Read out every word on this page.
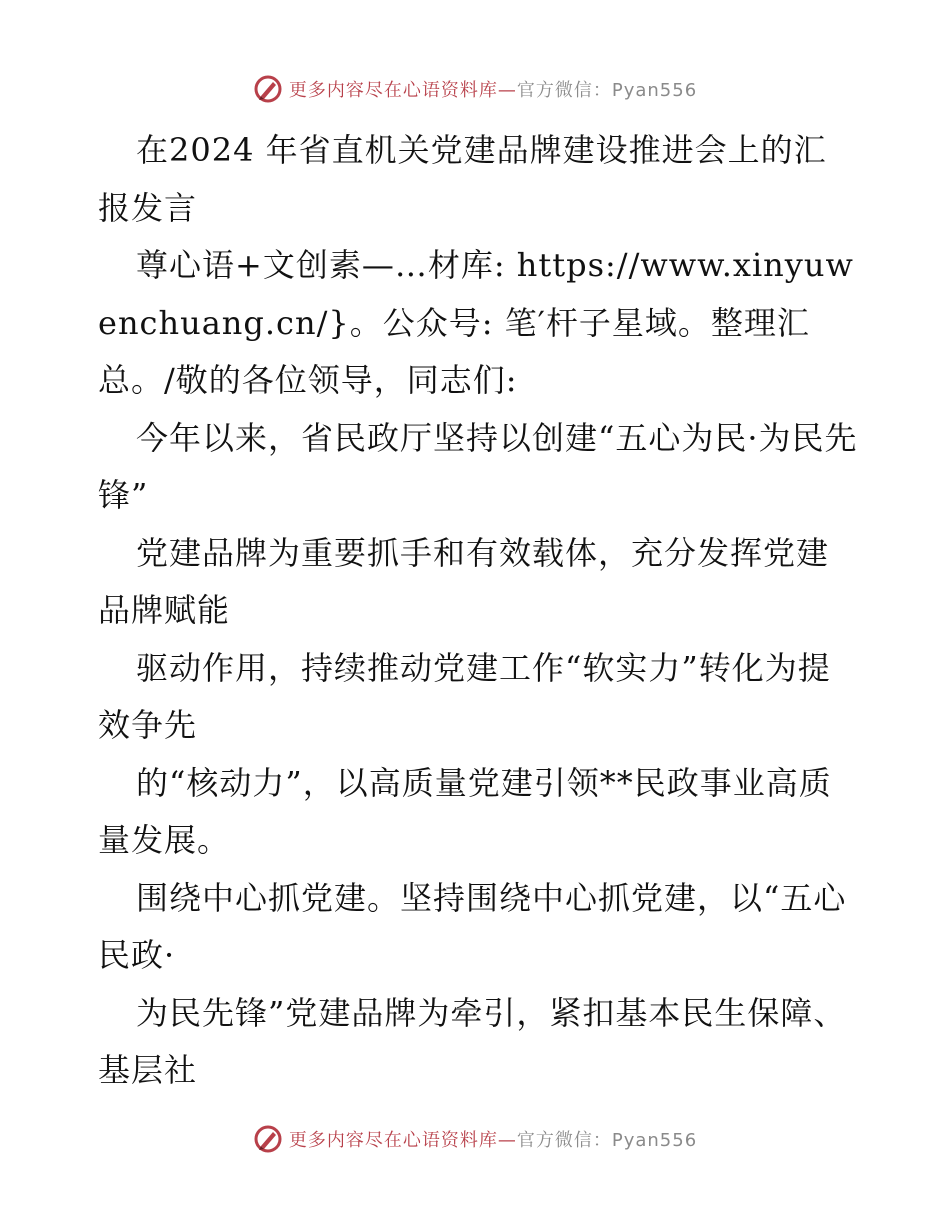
更多内容尽在心语资料库—官方微信：Pyan556

在2024 年省直机关党建品牌建设推进会上的汇报发言

尊心语+文创素—…材库: https://www.xinyuwenchuang.cn/}。公众号: 笔′杆子星域。整理汇总。/敬的各位领导，同志们:

今年以来，省民政厅坚持以创建“五心为民·为民先锋”

党建品牌为重要抓手和有效载体，充分发挥党建品牌赋能

驱动作用，持续推动党建工作“软实力”转化为提效争先

的“核动力”，以高质量党建引领**民政事业高质量发展。

围绕中心抓党建。坚持围绕中心抓党建，以“五心民政·

为民先锋”党建品牌为牵引，紧扣基本民生保障、基层社

更多内容尽在心语资料库—官方微信：Pyan556
